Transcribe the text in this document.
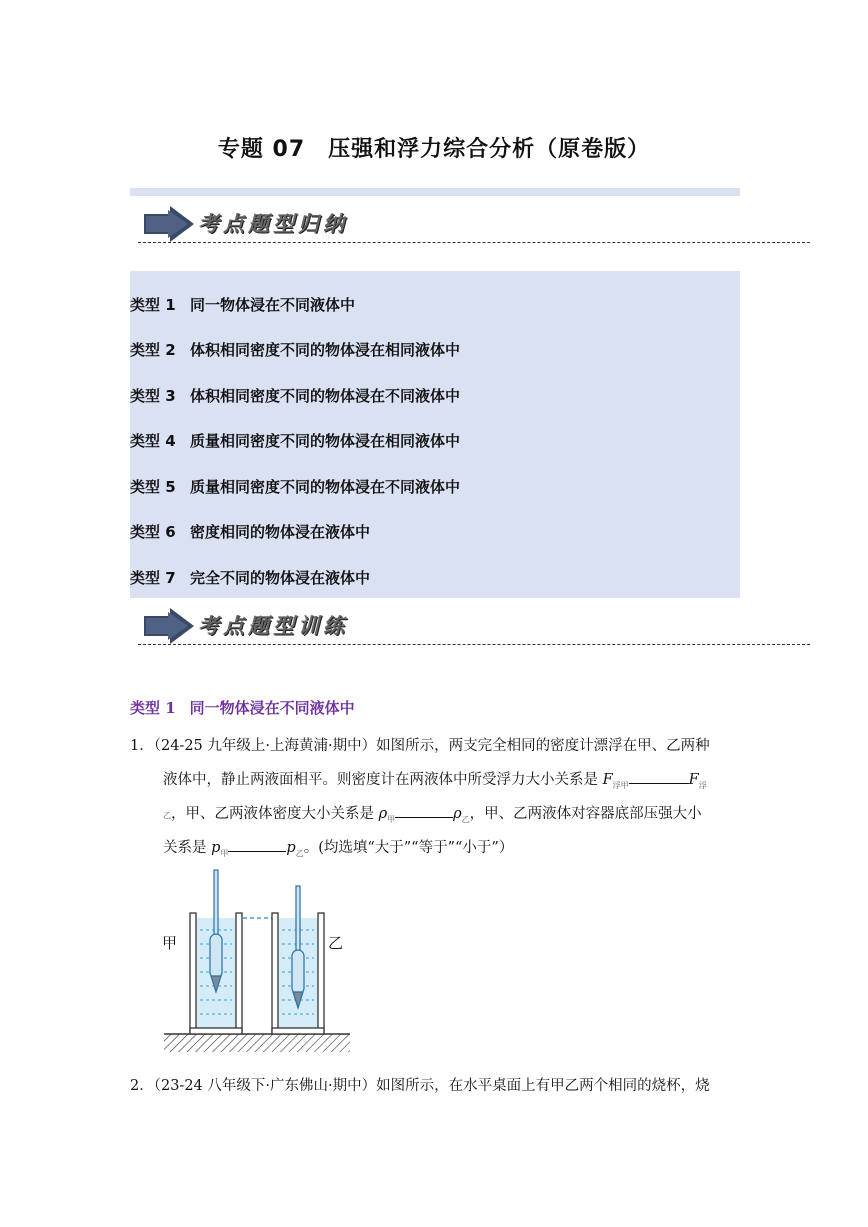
专题 07　压强和浮力综合分析（原卷版）
考点题型归纳
类型 1 同一物体浸在不同液体中
类型 2 体积相同密度不同的物体浸在相同液体中
类型 3 体积相同密度不同的物体浸在不同液体中
类型 4 质量相同密度不同的物体浸在相同液体中
类型 5 质量相同密度不同的物体浸在不同液体中
类型 6 密度相同的物体浸在液体中
类型 7 完全不同的物体浸在液体中
考点题型训练
类型 1 同一物体浸在不同液体中
1．（24-25 九年级上·上海黄浦·期中）如图所示，两支完全相同的密度计漂浮在甲、乙两种
液体中，静止两液面相平。则密度计在两液体中所受浮力大小关系是 $F_{浮甲}$	$F_浮$
乙，甲、乙两液体密度大小关系是 $\rho_甲$	$\rho_乙$，甲、乙两液体对容器底部压强大小
关系是 $p_甲$	$p_乙$。(均选填“大于”“等于”“小于”）
甲	乙
2．（23-24 八年级下·广东佛山·期中）如图所示，在水平桌面上有甲乙两个相同的烧杯，烧
